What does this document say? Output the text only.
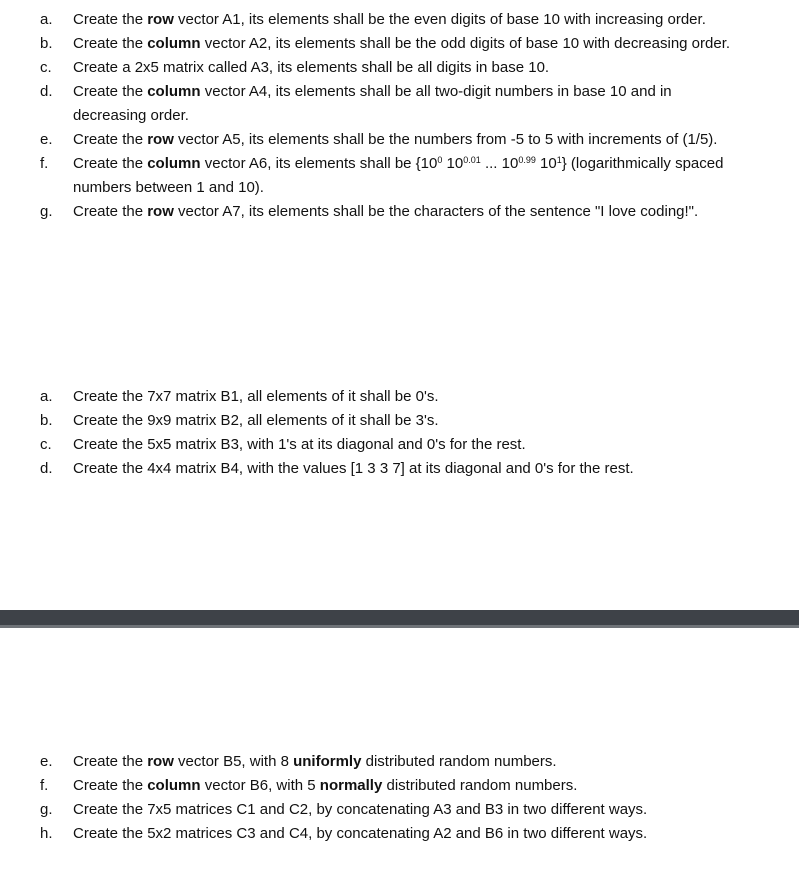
a.	Create the row vector A1, its elements shall be the even digits of base 10 with increasing order.
b.	Create the column vector A2, its elements shall be the odd digits of base 10 with decreasing order.
c.	Create a 2x5 matrix called A3, its elements shall be all digits in base 10.
d.	Create the column vector A4, its elements shall be all two-digit numbers in base 10 and in decreasing order.
e.	Create the row vector A5, its elements shall be the numbers from -5 to 5 with increments of (1/5).
f.	Create the column vector A6, its elements shall be {$10^0$ $10^{0.01}$ ... $10^{0.99}$ $10^1$} (logarithmically spaced numbers between 1 and 10).
g.	Create the row vector A7, its elements shall be the characters of the sentence "I love coding!".
a.	Create the 7x7 matrix B1, all elements of it shall be 0's.
b.	Create the 9x9 matrix B2, all elements of it shall be 3's.
c.	Create the 5x5 matrix B3, with 1's at its diagonal and 0's for the rest.
d.	Create the 4x4 matrix B4, with the values [1 3 3 7] at its diagonal and 0's for the rest.
e.	Create the row vector B5, with 8 uniformly distributed random numbers.
f.	Create the column vector B6, with 5 normally distributed random numbers.
g.	Create the 7x5 matrices C1 and C2, by concatenating A3 and B3 in two different ways.
h.	Create the 5x2 matrices C3 and C4, by concatenating A2 and B6 in two different ways.
